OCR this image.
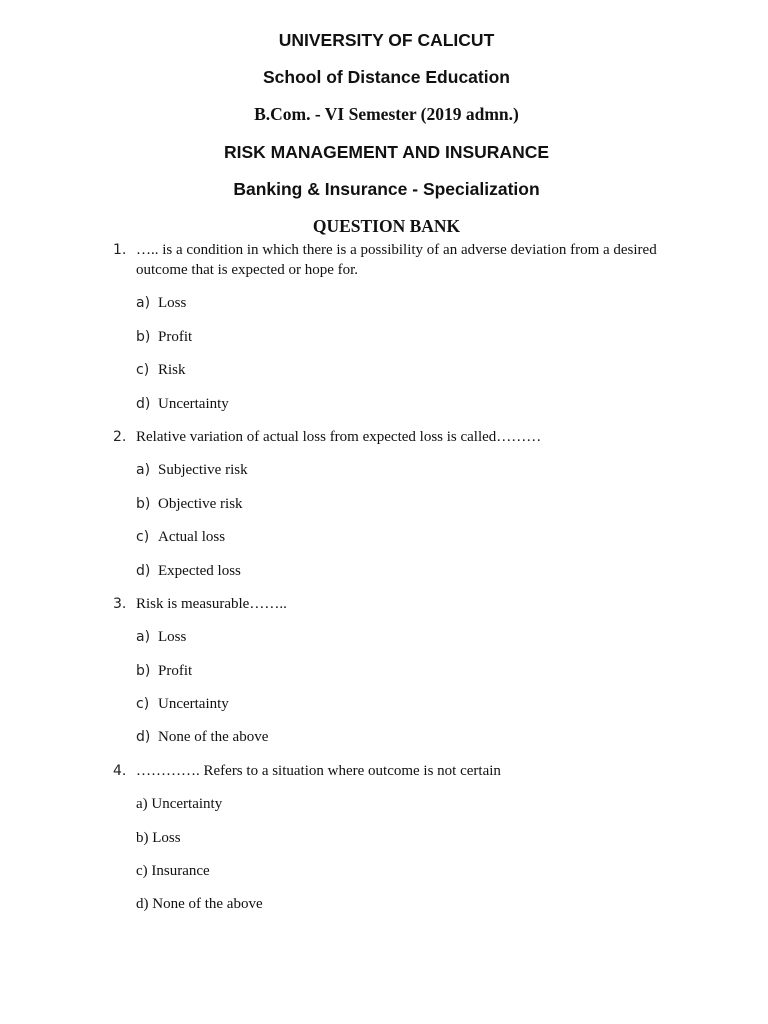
UNIVERSITY OF CALICUT
School of Distance Education
B.Com. - VI Semester (2019 admn.)
RISK MANAGEMENT AND INSURANCE
Banking & Insurance - Specialization
QUESTION BANK
1. ….. is a condition in which there is a possibility of an adverse deviation from a desired outcome that is expected or hope for.
a) Loss
b) Profit
c) Risk
d) Uncertainty
2. Relative variation of actual loss from expected loss is called………
a) Subjective risk
b) Objective risk
c) Actual loss
d) Expected loss
3. Risk is measurable……..
a) Loss
b) Profit
c) Uncertainty
d) None of the above
4. …………. Refers to a situation where outcome is not certain
a) Uncertainty
b) Loss
c) Insurance
d) None of the above
